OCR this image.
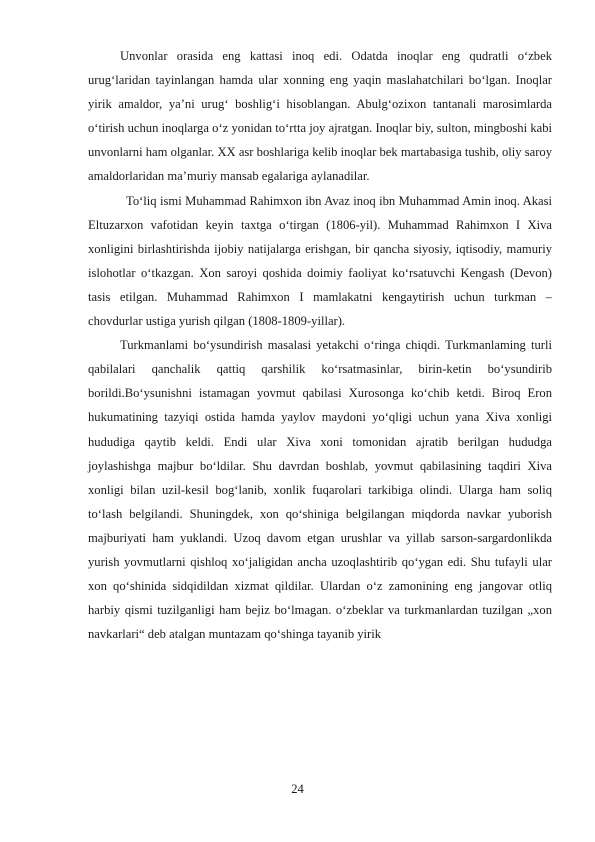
Unvonlar orasida eng kattasi inoq edi. Odatda inoqlar eng qudratli o‘zbek urug‘laridan tayinlangan hamda ular xonning eng yaqin maslahatchilari bo‘lgan. Inoqlar yirik amaldor, ya’ni urug‘ boshlig‘i hisoblangan. Abulg‘ozixon tantanali marosimlarda o‘tirish uchun inoqlarga o‘z yonidan to‘rtta joy ajratgan. Inoqlar biy, sulton, mingboshi kabi unvonlarni ham olganlar. XX asr boshlariga kelib inoqlar bek martabasiga tushib, oliy saroy amaldorlaridan ma’muriy mansab egalariga aylanadilar.

To‘liq ismi Muhammad Rahimxon ibn Avaz inoq ibn Muhammad Amin inoq. Akasi Eltuzarxon vafotidan keyin taxtga o‘tirgan (1806-yil). Muhammad Rahimxon I Xiva xonligini birlashtirishda ijobiy natijalarga erishgan, bir qancha siyosiy, iqtisodiy, mamuriy islohotlar o‘tkazgan. Xon saroyi qoshida doimiy faoliyat ko‘rsatuvchi Kengash (Devon) tasis etilgan. Muhammad Rahimxon I mamlakatni kengaytirish uchun turkman – chovdurlar ustiga yurish qilgan (1808-1809-yillar).

Turkmanlami bo‘ysundirish masalasi yetakchi o‘ringa chiqdi. Turkmanlaming turli qabilalari qanchalik qattiq qarshilik ko‘rsatmasinlar, birin-ketin bo‘ysundirib borildi.Bo‘ysunishni istamagan yovmut qabilasi Xurosonga ko‘chib ketdi. Biroq Eron hukumatining tazyiqi ostida hamda yaylov maydoni yo‘qligi uchun yana Xiva xonligi hududiga qaytib keldi. Endi ular Xiva xoni tomonidan ajratib berilgan hududga joylashishga majbur bo‘ldilar. Shu davrdan boshlab, yovmut qabilasining taqdiri Xiva xonligi bilan uzil-kesil bog‘lanib, xonlik fuqarolari tarkibiga olindi. Ularga ham soliq to‘lash belgilandi. Shuningdek, xon qo‘shiniga belgilangan miqdorda navkar yuborish majburiyati ham yuklandi. Uzoq davom etgan urushlar va yillab sarson-sargardonlikda yurish yovmutlarni qishloq xo‘jaligidan ancha uzoqlashtirib qo‘ygan edi. Shu tufayli ular xon qo‘shinida sidqidildan xizmat qildilar. Ulardan o‘z zamonining eng jangovar otliq harbiy qismi tuzilganligi ham bejiz bo‘lmagan. o‘zbeklar va turkmanlardan tuzilgan „xon navkarlari“ deb atalgan muntazam qo‘shinga tayanib yirik

24
